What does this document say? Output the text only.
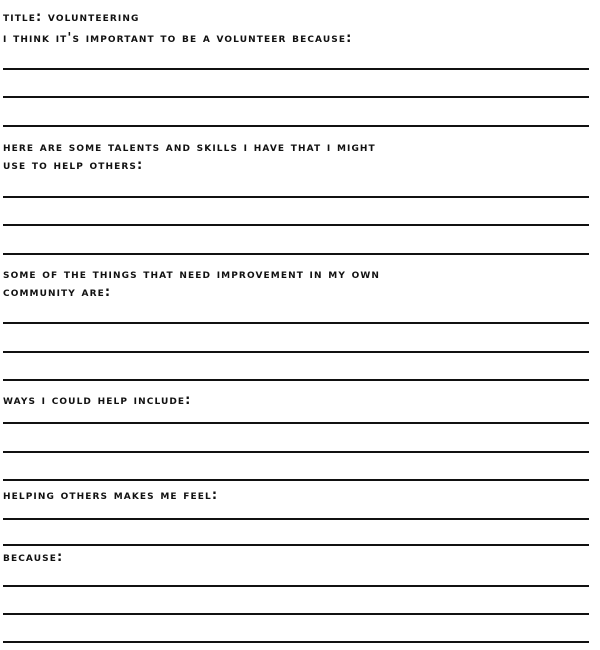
title: volunteering
i think it's important to be a volunteer because:
here are some talents and skills i have that i might
use to help others:
some of the things that need improvement in my own
community are:
ways i could help include:
helping others makes me feel:
because:
